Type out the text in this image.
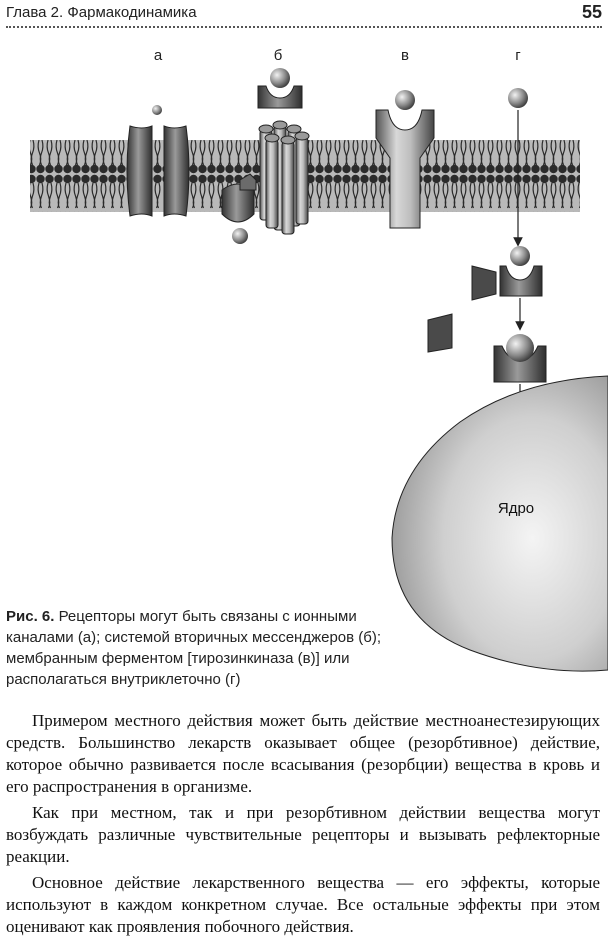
Глава 2. Фармакодинамика	55
а	б	в	г
Ядро
Рис. 6. Рецепторы могут быть связаны с ионными каналами (а); системой вторичных мессенджеров (б); мембранным ферментом [тирозинкиназа (в)] или располагаться внутриклеточно (г)

Примером местного действия может быть действие местноанестезирующих средств. Большинство лекарств оказывает общее (резорбтивное) действие, которое обычно развивается после всасывания (резорбции) вещества в кровь и его распространения в организме.

Как при местном, так и при резорбтивном действии вещества могут возбуждать различные чувствительные рецепторы и вызывать рефлекторные реакции.

Основное действие лекарственного вещества — его эффекты, которые используют в каждом конкретном случае. Все остальные эффекты при этом оценивают как проявления побочного действия.
